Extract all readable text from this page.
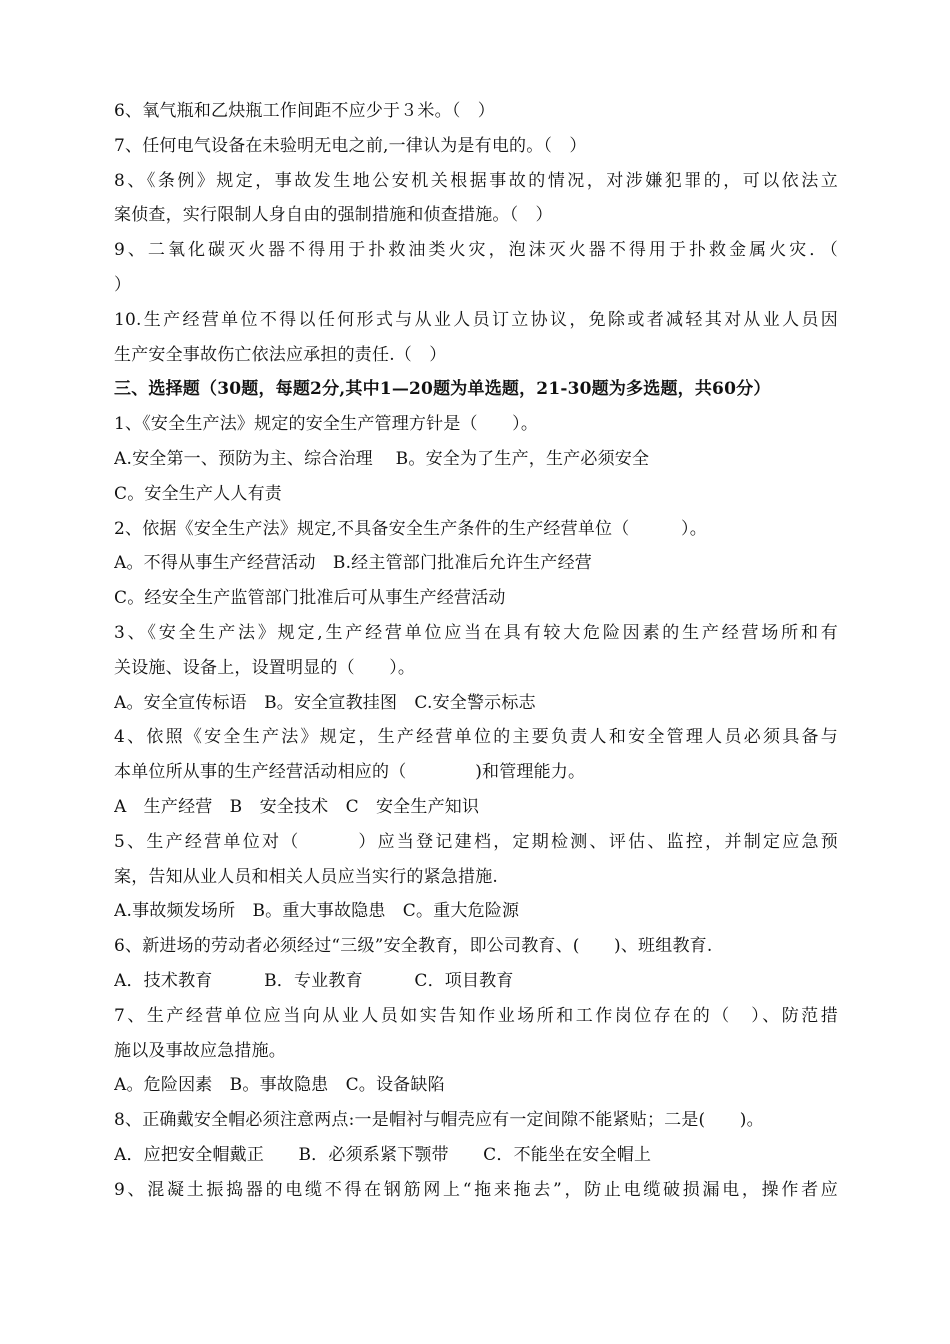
6、氧气瓶和乙炔瓶工作间距不应少于３米。（　）
7、任何电气设备在未验明无电之前,一律认为是有电的。（　）
8、《条例》规定，事故发生地公安机关根据事故的情况，对涉嫌犯罪的，可以依法立
案侦查，实行限制人身自由的强制措施和侦查措施。（　）
9、二氧化碳灭火器不得用于扑救油类火灾，泡沫灭火器不得用于扑救金属火灾．（
）
10.生产经营单位不得以任何形式与从业人员订立协议，免除或者减轻其对从业人员因
生产安全事故伤亡依法应承担的责任.（　）
三、选择题（30题，每题2分,其中1—20题为单选题，21-30题为多选题，共60分）
1、《安全生产法》规定的安全生产管理方针是（　　）。
A.安全第一、预防为主、综合治理　 B。安全为了生产，生产必须安全
C。安全生产人人有责
2、依据《安全生产法》规定,不具备安全生产条件的生产经营单位（　　　）。
A。不得从事生产经营活动　B.经主管部门批准后允许生产经营
C。经安全生产监管部门批准后可从事生产经营活动
3、《安全生产法》规定,生产经营单位应当在具有较大危险因素的生产经营场所和有
关设施、设备上，设置明显的（　　）。
A。安全宣传标语　B。安全宣教挂图　C.安全警示标志
4、依照《安全生产法》规定，生产经营单位的主要负责人和安全管理人员必须具备与
本单位所从事的生产经营活动相应的（　　　　)和管理能力。
A　生产经营　B　安全技术　C　安全生产知识
5、生产经营单位对（　　　）应当登记建档，定期检测、评估、监控，并制定应急预
案，告知从业人员和相关人员应当实行的紧急措施.
A.事故频发场所　B。重大事故隐患　C。重大危险源
6、新进场的劳动者必须经过“三级”安全教育，即公司教育、(　　)、班组教育.
A．技术教育　　　B．专业教育　　　C．项目教育
7、生产经营单位应当向从业人员如实告知作业场所和工作岗位存在的（　）、防范措
施以及事故应急措施。
A。危险因素　B。事故隐患　C。设备缺陷
8、正确戴安全帽必须注意两点:一是帽衬与帽壳应有一定间隙不能紧贴；二是(　　)。
A．应把安全帽戴正　　B．必须系紧下颚带　　C．不能坐在安全帽上
9、混凝土振捣器的电缆不得在钢筋网上“拖来拖去”，防止电缆破损漏电，操作者应
